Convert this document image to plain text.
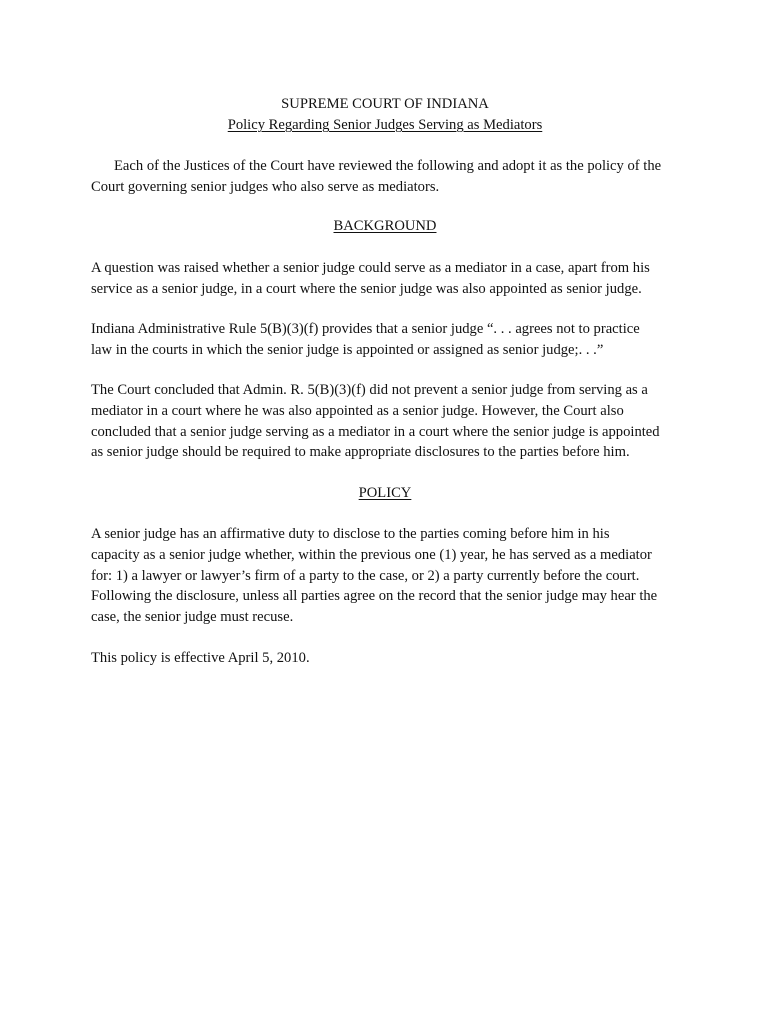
SUPREME COURT OF INDIANA
Policy Regarding Senior Judges Serving as Mediators
Each of the Justices of the Court have reviewed the following and adopt it as the policy of the
Court governing senior judges who also serve as mediators.
BACKGROUND
A question was raised whether a senior judge could serve as a mediator in a case, apart from his
service as a senior judge, in a court where the senior judge was also appointed as senior judge.
Indiana Administrative Rule 5(B)(3)(f) provides that a senior judge “. . . agrees not to practice
law in the courts in which the senior judge is appointed or assigned as senior judge;. . .”
The Court concluded that Admin. R. 5(B)(3)(f) did not prevent a senior judge from serving as a
mediator in a court where he was also appointed as a senior judge. However, the Court also
concluded that a senior judge serving as a mediator in a court where the senior judge is appointed
as senior judge should be required to make appropriate disclosures to the parties before him.
POLICY
A senior judge has an affirmative duty to disclose to the parties coming before him in his
capacity as a senior judge whether, within the previous one (1) year, he has served as a mediator
for: 1) a lawyer or lawyer’s firm of a party to the case, or 2) a party currently before the court.
Following the disclosure, unless all parties agree on the record that the senior judge may hear the
case, the senior judge must recuse.
This policy is effective April 5, 2010.
